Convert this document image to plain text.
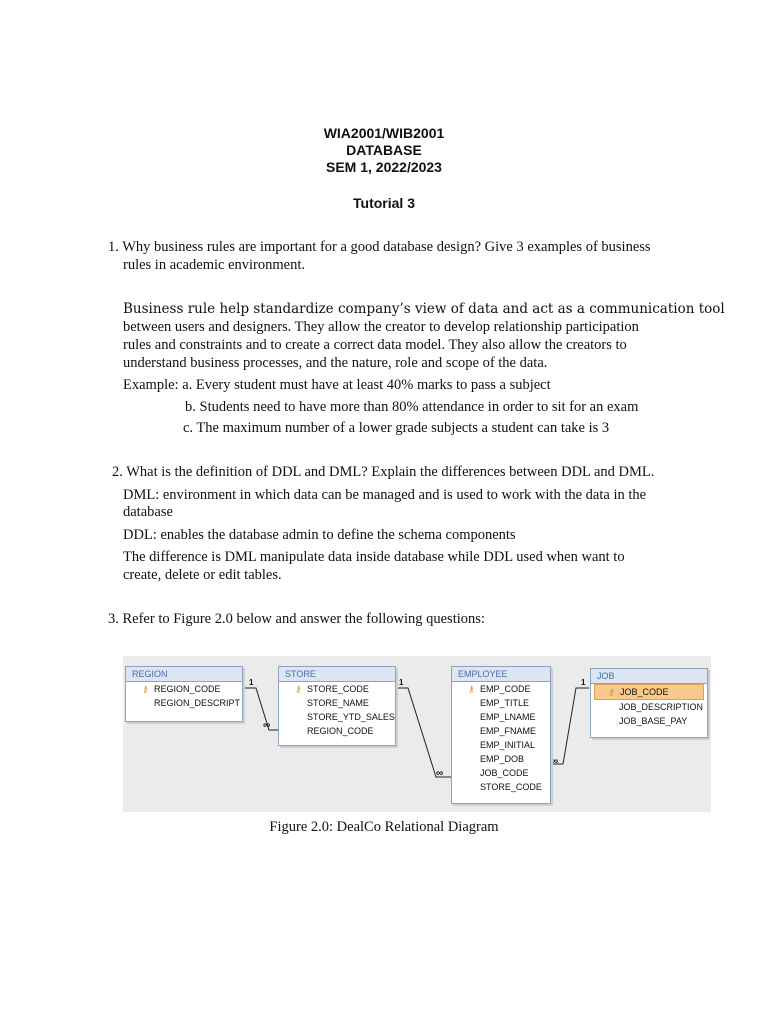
WIA2001/WIB2001
DATABASE
SEM 1, 2022/2023
Tutorial 3
1. Why business rules are important for a good database design? Give 3 examples of business
rules in academic environment.
Business rule help standardize company’s view of data and act as a communication tool
between users and designers. They allow the creator to develop relationship participation
rules and constraints and to create a correct data model. They also allow the creators to
understand business processes, and the nature, role and scope of the data.
Example: a. Every student must have at least 40% marks to pass a subject
b. Students need to have more than 80% attendance in order to sit for an exam
c. The maximum number of a lower grade subjects a student can take is 3
2. What is the definition of DDL and DML? Explain the differences between DDL and DML.
DML: environment in which data can be managed and is used to work with the data in the
database
DDL: enables the database admin to define the schema components
The difference is DML manipulate data inside database while DDL used when want to
create, delete or edit tables.
3. Refer to Figure 2.0 below and answer the following questions:
1
∞
1
∞
1
∞
REGION
⚷ REGION_CODE
REGION_DESCRIPT
STORE
⚷ STORE_CODE
STORE_NAME
STORE_YTD_SALES
REGION_CODE
EMPLOYEE
⚷ EMP_CODE
EMP_TITLE
EMP_LNAME
EMP_FNAME
EMP_INITIAL
EMP_DOB
JOB_CODE
STORE_CODE
JOB
⚷ JOB_CODE
JOB_DESCRIPTION
JOB_BASE_PAY
Figure 2.0: DealCo Relational Diagram
